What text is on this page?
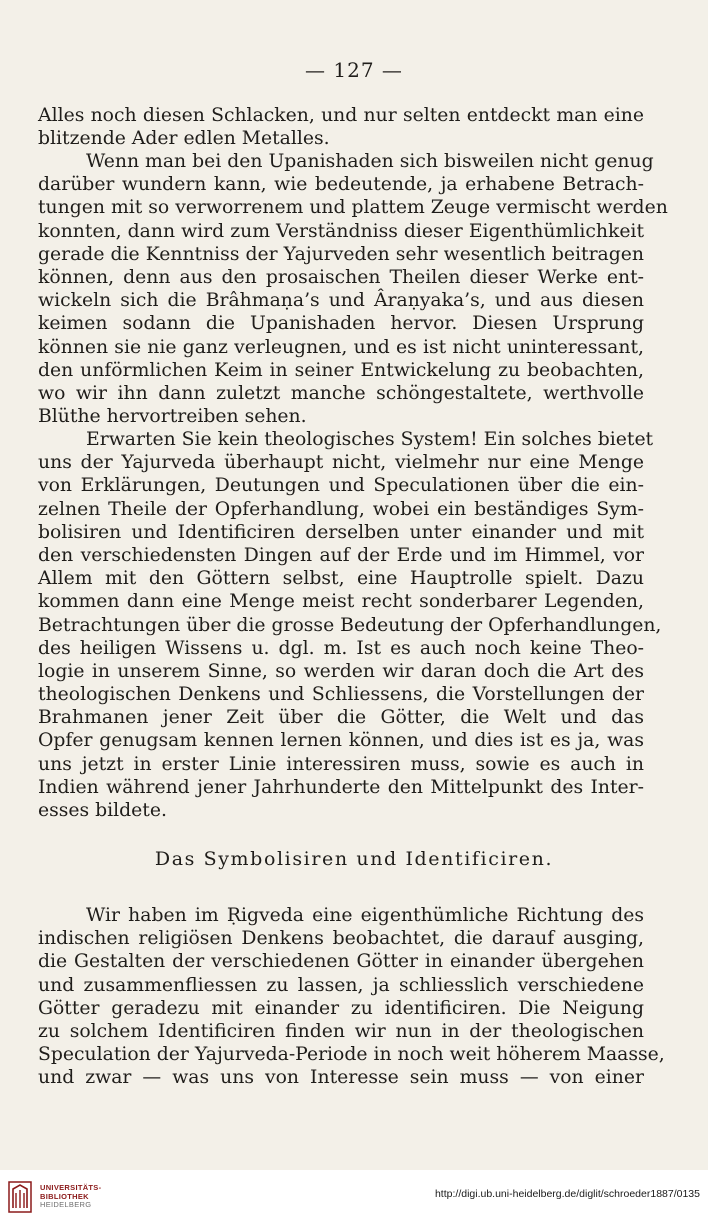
— 127 —
Alles noch diesen Schlacken, und nur selten entdeckt man eine
blitzende Ader edlen Metalles.
Wenn man bei den Upanishaden sich bisweilen nicht genug
darüber wundern kann, wie bedeutende, ja erhabene Betrach-
tungen mit so verworrenem und plattem Zeuge vermischt werden
konnten, dann wird zum Verständniss dieser Eigenthümlichkeit
gerade die Kenntniss der Yajurveden sehr wesentlich beitragen
können, denn aus den prosaischen Theilen dieser Werke ent-
wickeln sich die Brâhmaṇa’s und Âraṇyaka’s, und aus diesen
keimen sodann die Upanishaden hervor. Diesen Ursprung
können sie nie ganz verleugnen, und es ist nicht uninteressant,
den unförmlichen Keim in seiner Entwickelung zu beobachten,
wo wir ihn dann zuletzt manche schöngestaltete, werthvolle
Blüthe hervortreiben sehen.
Erwarten Sie kein theologisches System! Ein solches bietet
uns der Yajurveda überhaupt nicht, vielmehr nur eine Menge
von Erklärungen, Deutungen und Speculationen über die ein-
zelnen Theile der Opferhandlung, wobei ein beständiges Sym-
bolisiren und Identificiren derselben unter einander und mit
den verschiedensten Dingen auf der Erde und im Himmel, vor
Allem mit den Göttern selbst, eine Hauptrolle spielt. Dazu
kommen dann eine Menge meist recht sonderbarer Legenden,
Betrachtungen über die grosse Bedeutung der Opferhandlungen,
des heiligen Wissens u. dgl. m. Ist es auch noch keine Theo-
logie in unserem Sinne, so werden wir daran doch die Art des
theologischen Denkens und Schliessens, die Vorstellungen der
Brahmanen jener Zeit über die Götter, die Welt und das
Opfer genugsam kennen lernen können, und dies ist es ja, was
uns jetzt in erster Linie interessiren muss, sowie es auch in
Indien während jener Jahrhunderte den Mittelpunkt des Inter-
esses bildete.
Das Symbolisiren und Identificiren.
Wir haben im Ṛigveda eine eigenthümliche Richtung des
indischen religiösen Denkens beobachtet, die darauf ausging,
die Gestalten der verschiedenen Götter in einander übergehen
und zusammenfliessen zu lassen, ja schliesslich verschiedene
Götter geradezu mit einander zu identificiren. Die Neigung
zu solchem Identificiren finden wir nun in der theologischen
Speculation der Yajurveda-Periode in noch weit höherem Maasse,
und zwar — was uns von Interesse sein muss — von einer
UNIVERSITÄTS-
BIBLIOTHEK
HEIDELBERG
http://digi.ub.uni-heidelberg.de/diglit/schroeder1887/0135
